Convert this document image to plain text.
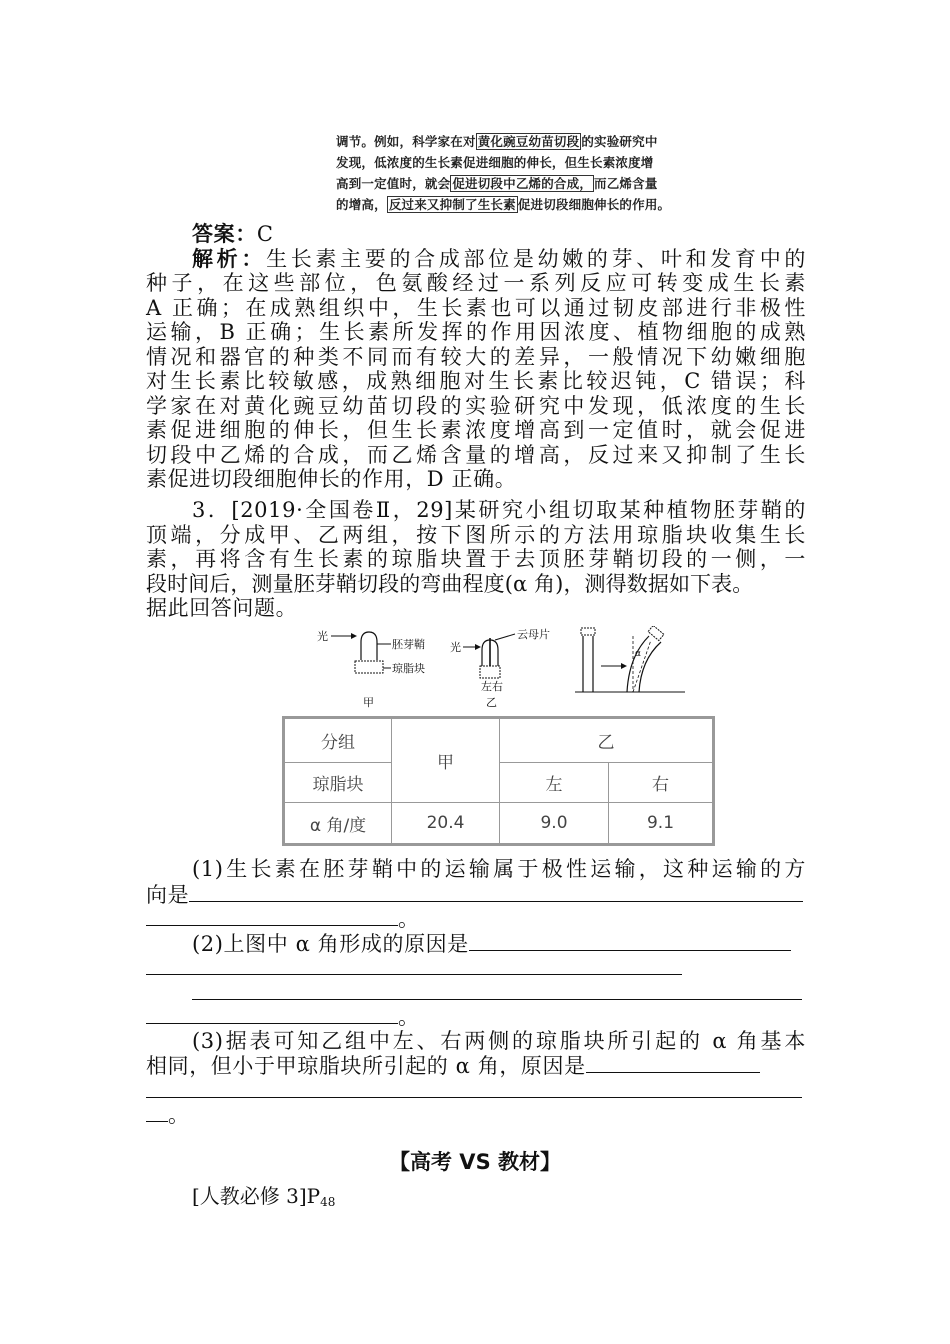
调节。例如，科学家在对 黄化豌豆幼苗切段 的实验研究中
发现，低浓度的生长素促进细胞的伸长，但生长素浓度增
高到一定值时，就会 促进切段中乙烯的合成， 而乙烯含量
的增高， 反过来又抑制了生长素 促进切段细胞伸长的作用。
答案：C
解析：生长素主要的合成部位是幼嫩的芽、叶和发育中的
种子，在这些部位，色氨酸经过一系列反应可转变成生长素
A 正确；在成熟组织中，生长素也可以通过韧皮部进行非极性
运输，B 正确；生长素所发挥的作用因浓度、植物细胞的成熟
情况和器官的种类不同而有较大的差异，一般情况下幼嫩细胞
对生长素比较敏感，成熟细胞对生长素比较迟钝，C 错误；科
学家在对黄化豌豆幼苗切段的实验研究中发现，低浓度的生长
素促进细胞的伸长，但生长素浓度增高到一定值时，就会促进
切段中乙烯的合成，而乙烯含量的增高，反过来又抑制了生长
素促进切段细胞伸长的作用，D 正确。
3．[2019·全国卷Ⅱ，29]某研究小组切取某种植物胚芽鞘的
顶端，分成甲、乙两组，按下图所示的方法用琼脂块收集生长
素，再将含有生长素的琼脂块置于去顶胚芽鞘切段的一侧，一
段时间后，测量胚芽鞘切段的弯曲程度(α 角)，测得数据如下表。
据此回答问题。
光
胚芽鞘
琼脂块
甲
光
云母片
左右
乙
α
分组	甲	乙	
琼脂块		左	右
α 角/度	20.4	9.0	9.1
(1)生长素在胚芽鞘中的运输属于极性运输，这种运输的方
向是
。
(2)上图中 α 角形成的原因是
。
(3)据表可知乙组中左、右两侧的琼脂块所引起的 α 角基本
相同，但小于甲琼脂块所引起的 α 角，原因是
。
【高考 VS 教材】
[人教必修 $3]P_{48}$
